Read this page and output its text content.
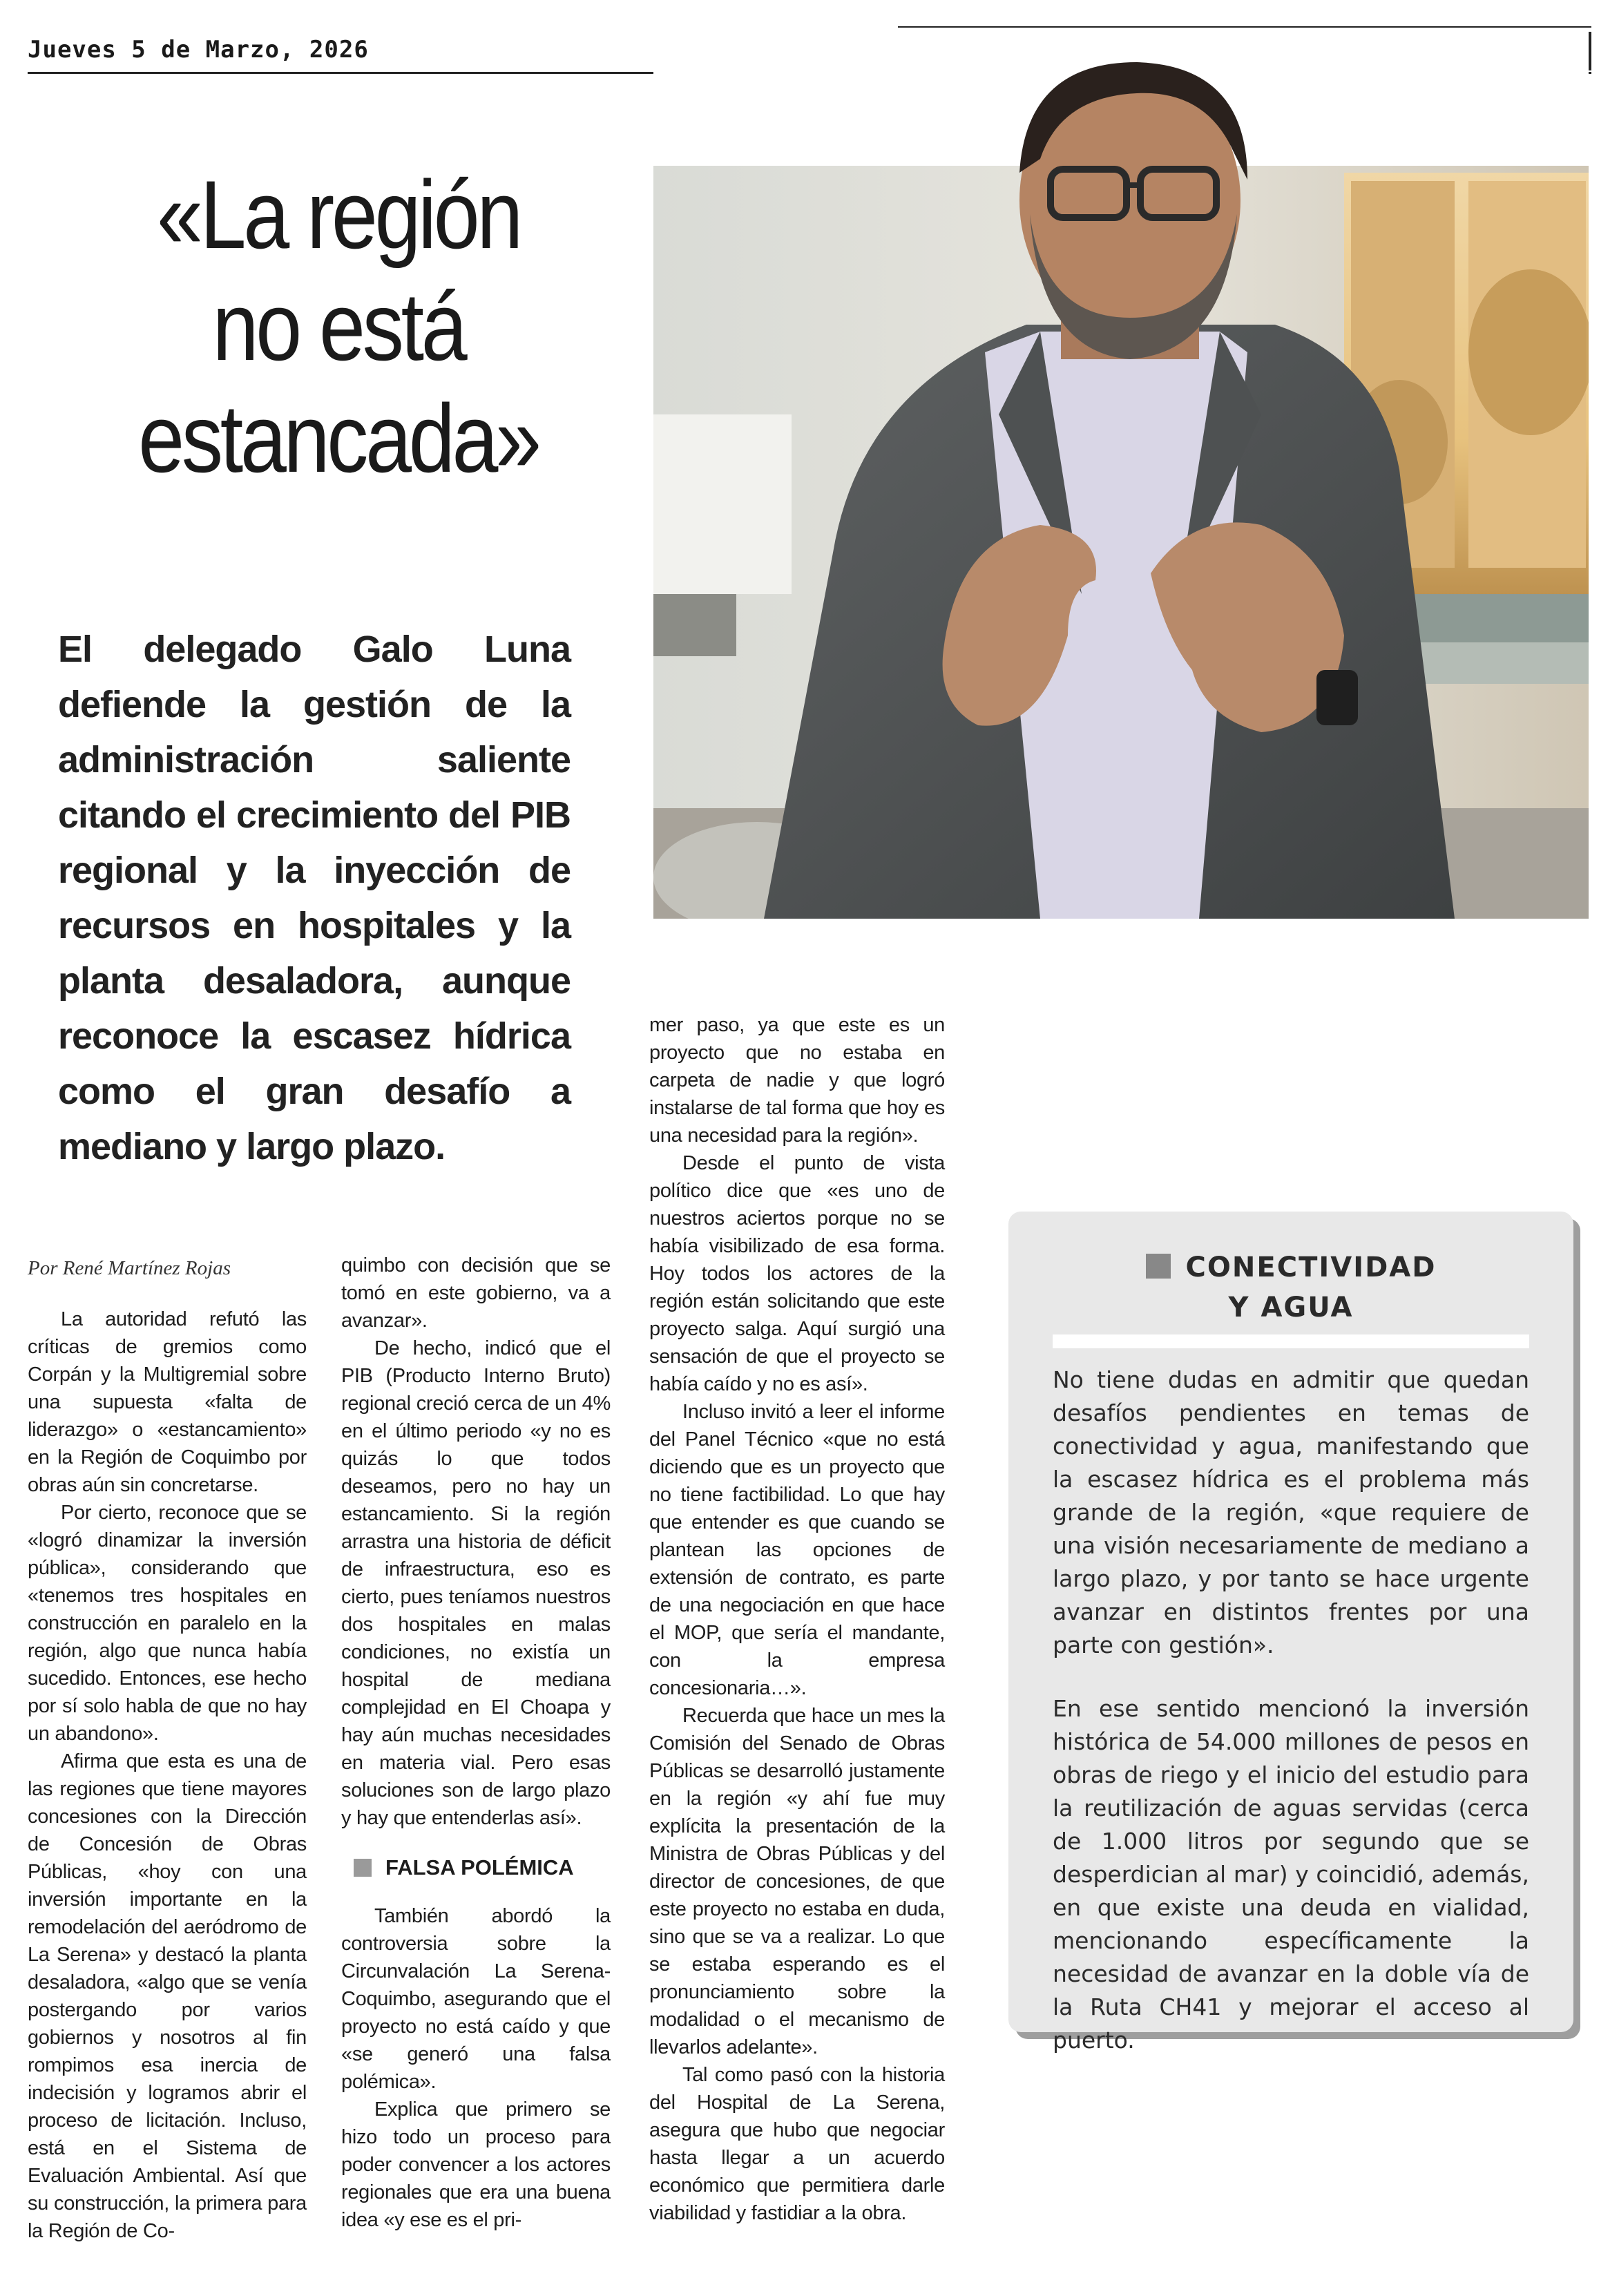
Jueves 5 de Marzo, 2026
«La región
no está
estancada»
El delegado Galo Luna defiende la gestión de la administración saliente citando el crecimiento del PIB regional y la inyección de recursos en hospitales y la planta desaladora, aunque reconoce la escasez hídrica como el gran desafío a mediano y largo plazo.
Por René Martínez Rojas

La autoridad refutó las críticas de gremios como Corpán y la Multigremial sobre una supuesta «falta de liderazgo» o «estancamiento» en la Región de Coquimbo por obras aún sin concretarse.

Por cierto, reconoce que se «logró dinamizar la inversión pública», considerando que «tenemos tres hospitales en construcción en paralelo en la región, algo que nunca había sucedido. Entonces, ese hecho por sí solo habla de que no hay un abandono».

Afirma que esta es una de las regiones que tiene mayores concesiones con la Dirección de Concesión de Obras Públicas, «hoy con una inversión importante en la remodelación del aeródromo de La Serena» y destacó la planta desaladora, «algo que se venía postergando por varios gobiernos y nosotros al fin rompimos esa inercia de indecisión y logramos abrir el proceso de licitación. Incluso, está en el Sistema de Evaluación Ambiental. Así que su construcción, la primera para la Región de Co-

quimbo con decisión que se tomó en este gobierno, va a avanzar».

De hecho, indicó que el PIB (Producto Interno Bruto) regional creció cerca de un 4% en el último periodo «y no es quizás lo que todos deseamos, pero no hay un estancamiento. Si la región arrastra una historia de déficit de infraestructura, eso es cierto, pues teníamos nuestros dos hospitales en malas condiciones, no existía un hospital de mediana complejidad en El Choapa y hay aún muchas necesidades en materia vial. Pero esas soluciones son de largo plazo y hay que entenderlas así».

FALSA POLÉMICA

También abordó la controversia sobre la Circunvalación La Serena-Coquimbo, asegurando que el proyecto no está caído y que «se generó una falsa polémica».

Explica que primero se hizo todo un proceso para poder convencer a los actores regionales que era una buena idea «y ese es el pri-

mer paso, ya que este es un proyecto que no estaba en carpeta de nadie y que logró instalarse de tal forma que hoy es una necesidad para la región».

Desde el punto de vista político dice que «es uno de nuestros aciertos porque no se había visibilizado de esa forma. Hoy todos los actores de la región están solicitando que este proyecto salga. Aquí surgió una sensación de que el proyecto se había caído y no es así».

Incluso invitó a leer el informe del Panel Técnico «que no está diciendo que es un proyecto que no tiene factibilidad. Lo que hay que entender es que cuando se plantean las opciones de extensión de contrato, es parte de una negociación en que hace el MOP, que sería el mandante, con la empresa concesionaria…».

Recuerda que hace un mes la Comisión del Senado de Obras Públicas se desarrolló justamente en la región «y ahí fue muy explícita la presentación de la Ministra de Obras Públicas y del director de concesiones, de que este proyecto no estaba en duda, sino que se va a realizar. Lo que se estaba esperando es el pronunciamiento sobre la modalidad o el mecanismo de llevarlos adelante».

Tal como pasó con la historia del Hospital de La Serena, asegura que hubo que negociar hasta llegar a un acuerdo económico que permitiera darle viabilidad y fastidiar a la obra.

CONECTIVIDAD
Y AGUA

No tiene dudas en admitir que quedan desafíos pendientes en temas de conectividad y agua, manifestando que la escasez hídrica es el problema más grande de la región, «que requiere de una visión necesariamente de mediano a largo plazo, y por tanto se hace urgente avanzar en distintos frentes por una parte con gestión».

En ese sentido mencionó la inversión histórica de 54.000 millones de pesos en obras de riego y el inicio del estudio para la reutilización de aguas servidas (cerca de 1.000 litros por segundo que se desperdician al mar) y coincidió, además, en que existe una deuda en vialidad, mencionando específicamente la necesidad de avanzar en la doble vía de la Ruta CH41 y mejorar el acceso al puerto.
